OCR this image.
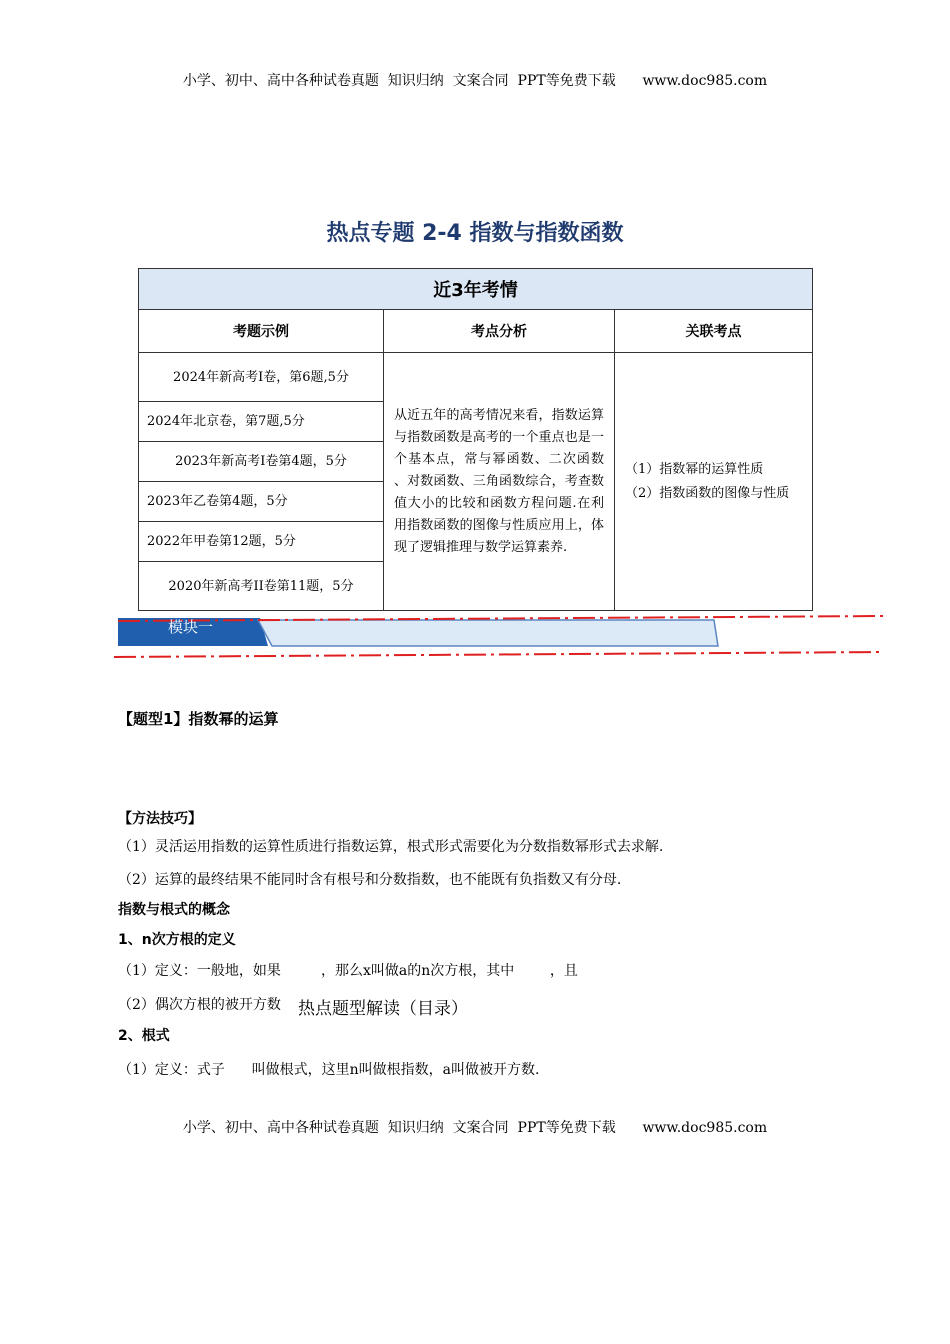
小学、初中、高中各种试卷真题  知识归纳  文案合同  PPT等免费下载      www.doc985.com
热点专题 2-4 指数与指数函数
近3年考情		
考题示例	考点分析	关联考点
2024年新高考I卷，第6题,5分	从近五年的高考情况来看，指数运算与指数函数是高考的一个重点也是一个基本点，常与幂函数、二次函数 、对数函数、三角函数综合，考查数值大小的比较和函数方程问题.在利用指数函数的图像与性质应用上，体现了逻辑推理与数学运算素养.	（1）指数幂的运算性质
（2）指数函数的图像与性质

2024年北京卷，第7题,5分		
2023年新高考I卷第4题，5分		
2023年乙卷第4题，5分		
2022年甲卷第12题，5分		
2020年新高考II卷第11题，5分		
模块一
【题型1】指数幂的运算
【方法技巧】
（1）灵活运用指数的运算性质进行指数运算，根式形式需要化为分数指数幂形式去求解.
（2）运算的最终结果不能同时含有根号和分数指数，也不能既有负指数又有分母.
指数与根式的概念
1、n次方根的定义
（1）定义：一般地，如果         ，那么x叫做a的n次方根，其中        ，且
（2）偶次方根的被开方数 热点题型解读（目录）
2、根式
（1）定义：式子      叫做根式，这里n叫做根指数，a叫做被开方数.
小学、初中、高中各种试卷真题  知识归纳  文案合同  PPT等免费下载      www.doc985.com
